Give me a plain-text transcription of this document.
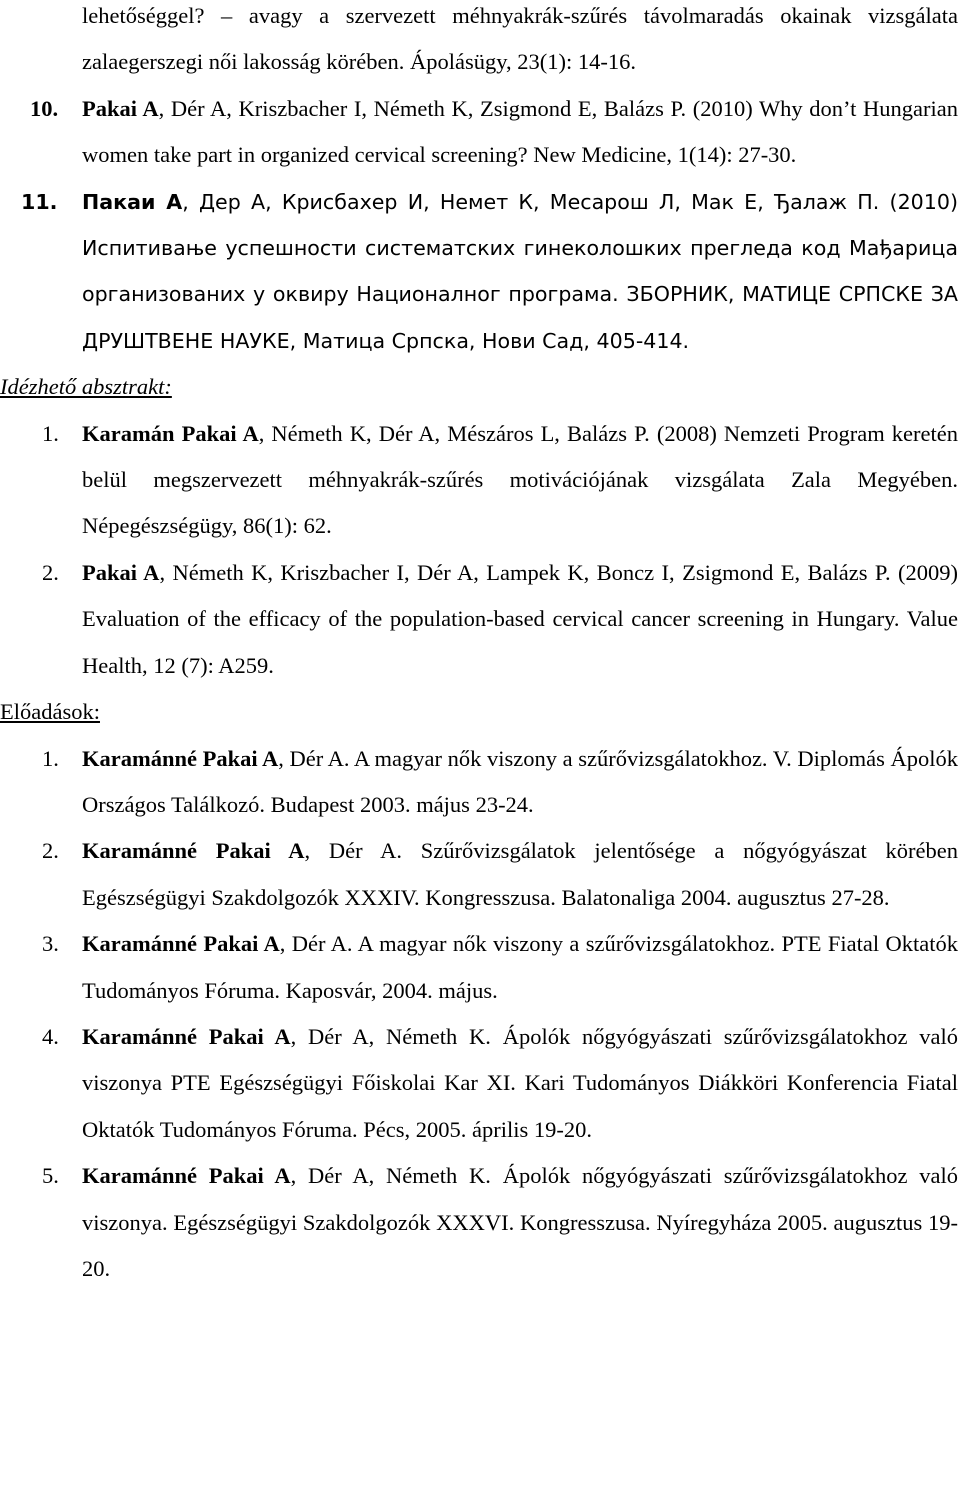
lehetőséggel? – avagy a szervezett méhnyakrák-szűrés távolmaradás okainak vizsgálata zalaegerszegi női lakosság körében. Ápolásügy, 23(1): 14-16.
10.	Pakai A, Dér A, Kriszbacher I, Németh K, Zsigmond E, Balázs P. (2010) Why don’t Hungarian women take part in organized cervical screening? New Medicine, 1(14): 27-30.
11.	Пакаи А, Дер А, Крисбахер И, Немет К, Месарош Л, Мак Е, Ђалаж П. (2010) Испитивање успешности систематских гинеколошких прегледа код Мађарица организованих у оквиру Националног програма. ЗБОРНИК, МАТИЦЕ СРПСКЕ ЗА ДРУШТВЕНЕ НАУКЕ, Матица Српска, Нови Сад, 405-414.
Idézhető absztrakt:
1.	Karamán Pakai A, Németh K, Dér A, Mészáros L, Balázs P. (2008) Nemzeti Program keretén belül megszervezett méhnyakrák-szűrés motivációjának vizsgálata Zala Megyében. Népegészségügy, 86(1): 62.
2.	Pakai A, Németh K, Kriszbacher I, Dér A, Lampek K, Boncz I, Zsigmond E, Balázs P. (2009) Evaluation of the efficacy of the population-based cervical cancer screening in Hungary. Value Health, 12 (7): A259.
Előadások:
1.	Karamánné Pakai A, Dér A. A magyar nők viszony a szűrővizsgálatokhoz. V. Diplomás Ápolók Országos Találkozó. Budapest 2003. május 23-24.
2.	Karamánné Pakai A, Dér A. Szűrővizsgálatok jelentősége a nőgyógyászat körében Egészségügyi Szakdolgozók XXXIV. Kongresszusa. Balatonaliga 2004. augusztus 27-28.
3.	Karamánné Pakai A, Dér A. A magyar nők viszony a szűrővizsgálatokhoz. PTE Fiatal Oktatók Tudományos Fóruma. Kaposvár, 2004. május.
4.	Karamánné Pakai A, Dér A, Németh K. Ápolók nőgyógyászati szűrővizsgálatokhoz való viszonya PTE Egészségügyi Főiskolai Kar XI. Kari Tudományos Diákköri Konferencia Fiatal Oktatók Tudományos Fóruma. Pécs, 2005. április 19-20.
5.	Karamánné Pakai A, Dér A, Németh K. Ápolók nőgyógyászati szűrővizsgálatokhoz való viszonya. Egészségügyi Szakdolgozók XXXVI. Kongresszusa. Nyíregyháza 2005. augusztus 19-20.
